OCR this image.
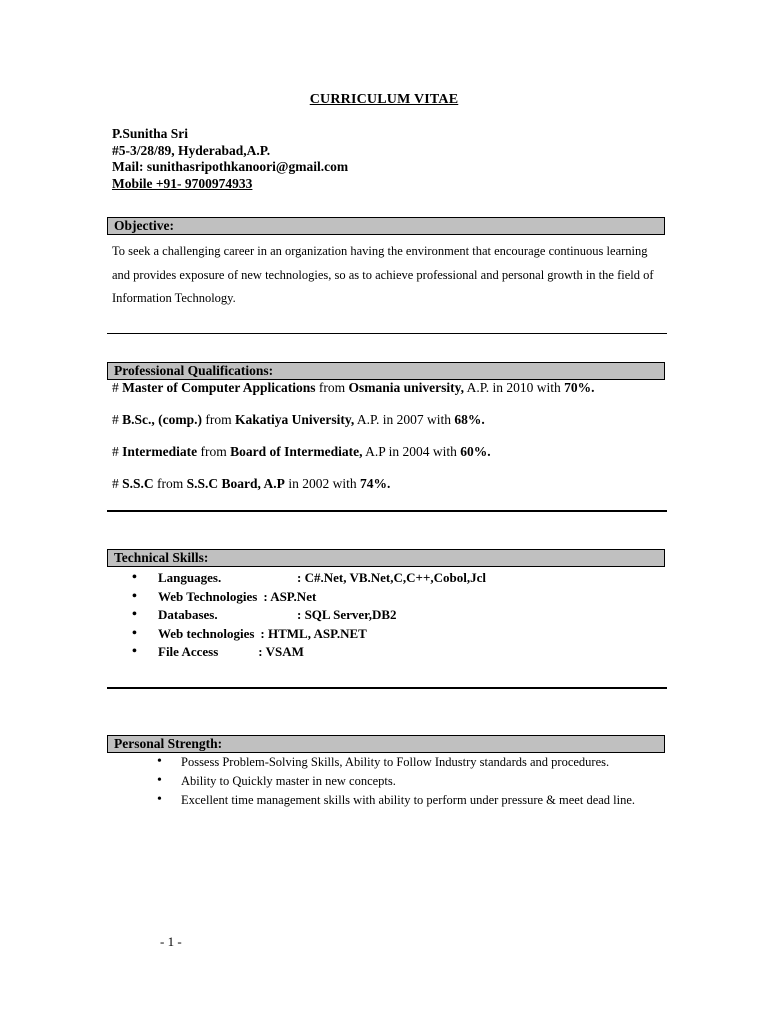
CURRICULUM VITAE
P.Sunitha Sri
#5-3/28/89, Hyderabad,A.P.
Mail: sunithasripothkanoori@gmail.com
Mobile +91- 9700974933
Objective:
To seek a challenging career in an organization having the environment that encourage continuous learning and provides exposure of new technologies, so as to achieve professional and personal growth in the field of Information Technology.
Professional Qualifications:
# Master of Computer Applications from Osmania university, A.P. in 2010 with 70%.
# B.Sc., (comp.) from Kakatiya University, A.P. in 2007 with 68%.
# Intermediate from Board of Intermediate, A.P in 2004 with 60%.
# S.S.C from S.S.C Board, A.P in 2002 with 74%.
Technical Skills:
• Languages.	: C#.Net, VB.Net,C,C++,Cobol,Jcl
• Web Technologies : ASP.Net
• Databases.	: SQL Server,DB2
• Web technologies : HTML, ASP.NET
• File Access	: VSAM
Personal Strength:
• Possess Problem-Solving Skills, Ability to Follow Industry standards and procedures.
• Ability to Quickly master in new concepts.
• Excellent time management skills with ability to perform under pressure & meet dead line.
- 1 -
